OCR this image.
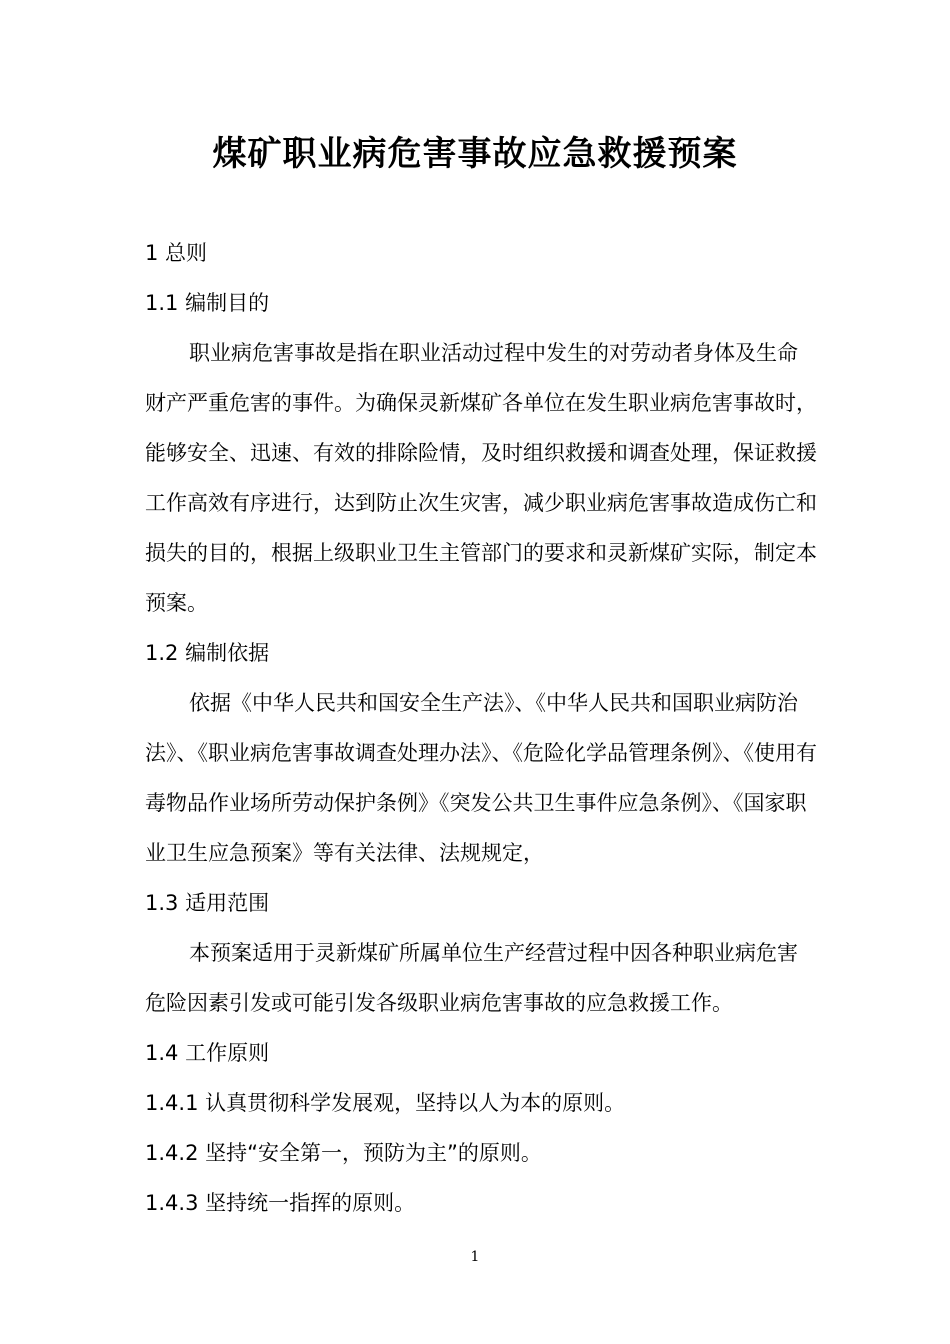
煤矿职业病危害事故应急救援预案

1 总则

1.1 编制目的

职业病危害事故是指在职业活动过程中发生的对劳动者身体及生命财产严重危害的事件。为确保灵新煤矿各单位在发生职业病危害事故时，能够安全、迅速、有效的排除险情，及时组织救援和调查处理，保证救援工作高效有序进行，达到防止次生灾害，减少职业病危害事故造成伤亡和损失的目的，根据上级职业卫生主管部门的要求和灵新煤矿实际，制定本预案。

1.2 编制依据

依据《中华人民共和国安全生产法》、《中华人民共和国职业病防治法》、《职业病危害事故调查处理办法》、《危险化学品管理条例》、《使用有毒物品作业场所劳动保护条例》《突发公共卫生事件应急条例》、《国家职业卫生应急预案》等有关法律、法规规定，

1.3 适用范围

本预案适用于灵新煤矿所属单位生产经营过程中因各种职业病危害危险因素引发或可能引发各级职业病危害事故的应急救援工作。

1.4 工作原则

1.4.1 认真贯彻科学发展观，坚持以人为本的原则。

1.4.2 坚持“安全第一，预防为主”的原则。

1.4.3 坚持统一指挥的原则。

1
